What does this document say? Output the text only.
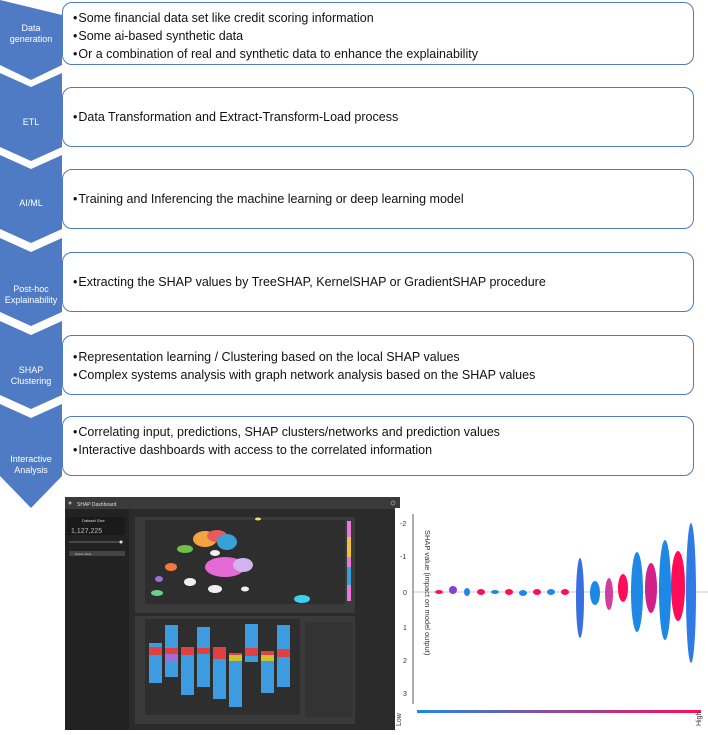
Data
generation
• Some financial data set like credit scoring information
• Some ai-based synthetic data
• Or a combination of real and synthetic data to enhance the explainability
ETL	• Data Transformation and Extract-Transform-Load process
AI/ML	• Training and Inferencing the machine learning or deep learning model
Post-hoc
Explainability
• Extracting the SHAP values by TreeSHAP, KernelSHAP or GradientSHAP procedure
SHAP
Clustering
• Representation learning / Clustering based on the local SHAP values
• Complex systems analysis with graph network analysis based on the SHAP values
Interactive
Analysis
• Correlating input, predictions, SHAP clusters/networks and prediction values
• Interactive dashboards with access to the correlated information
SHAP Dashboard
Dataset Size
1,127,225
Select value
-2
-1
0
1
2
3
SHAP value (impact on model output)
Low	High
